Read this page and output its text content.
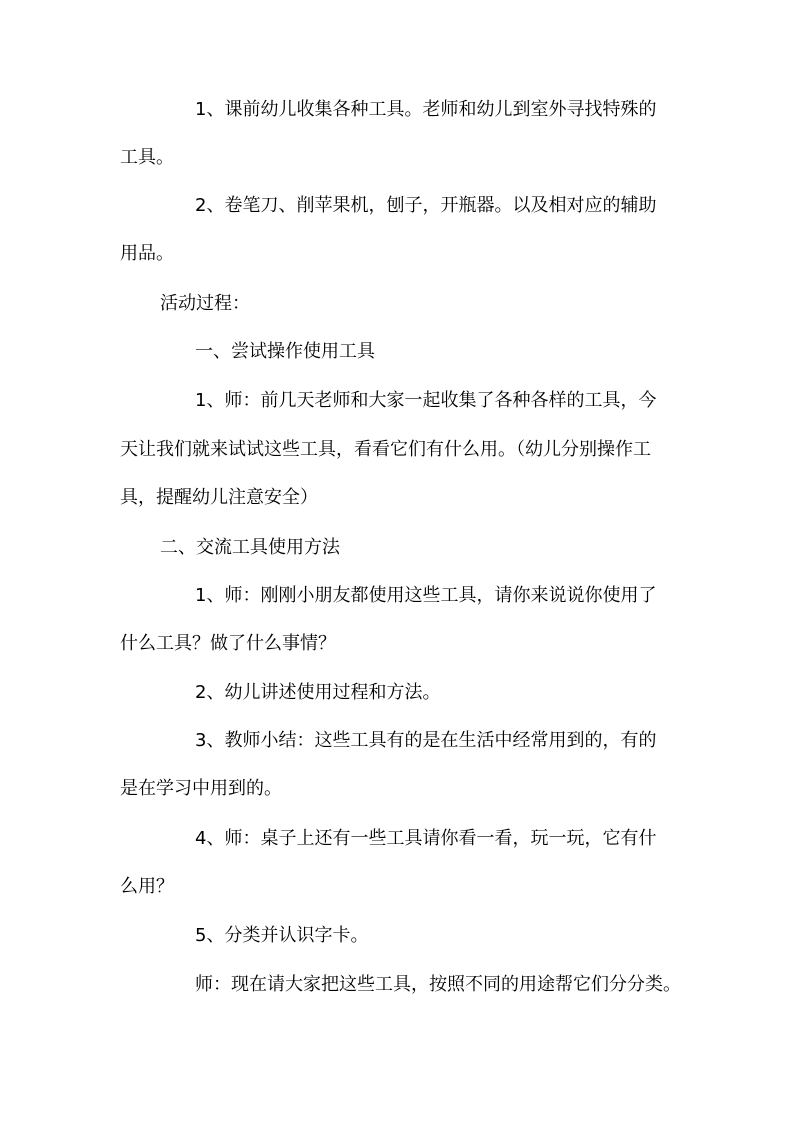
1、课前幼儿收集各种工具。老师和幼儿到室外寻找特殊的
工具。
2、卷笔刀、削苹果机，刨子，开瓶器。以及相对应的辅助
用品。
活动过程：
一、尝试操作使用工具
1、师：前几天老师和大家一起收集了各种各样的工具，今
天让我们就来试试这些工具，看看它们有什么用。（幼儿分别操作工
具，提醒幼儿注意安全）
二、交流工具使用方法
1、师：刚刚小朋友都使用这些工具，请你来说说你使用了
什么工具？做了什么事情？
2、幼儿讲述使用过程和方法。
3、教师小结：这些工具有的是在生活中经常用到的，有的
是在学习中用到的。
4、师：桌子上还有一些工具请你看一看，玩一玩，它有什
么用？
5、分类并认识字卡。
师：现在请大家把这些工具，按照不同的用途帮它们分分类。
